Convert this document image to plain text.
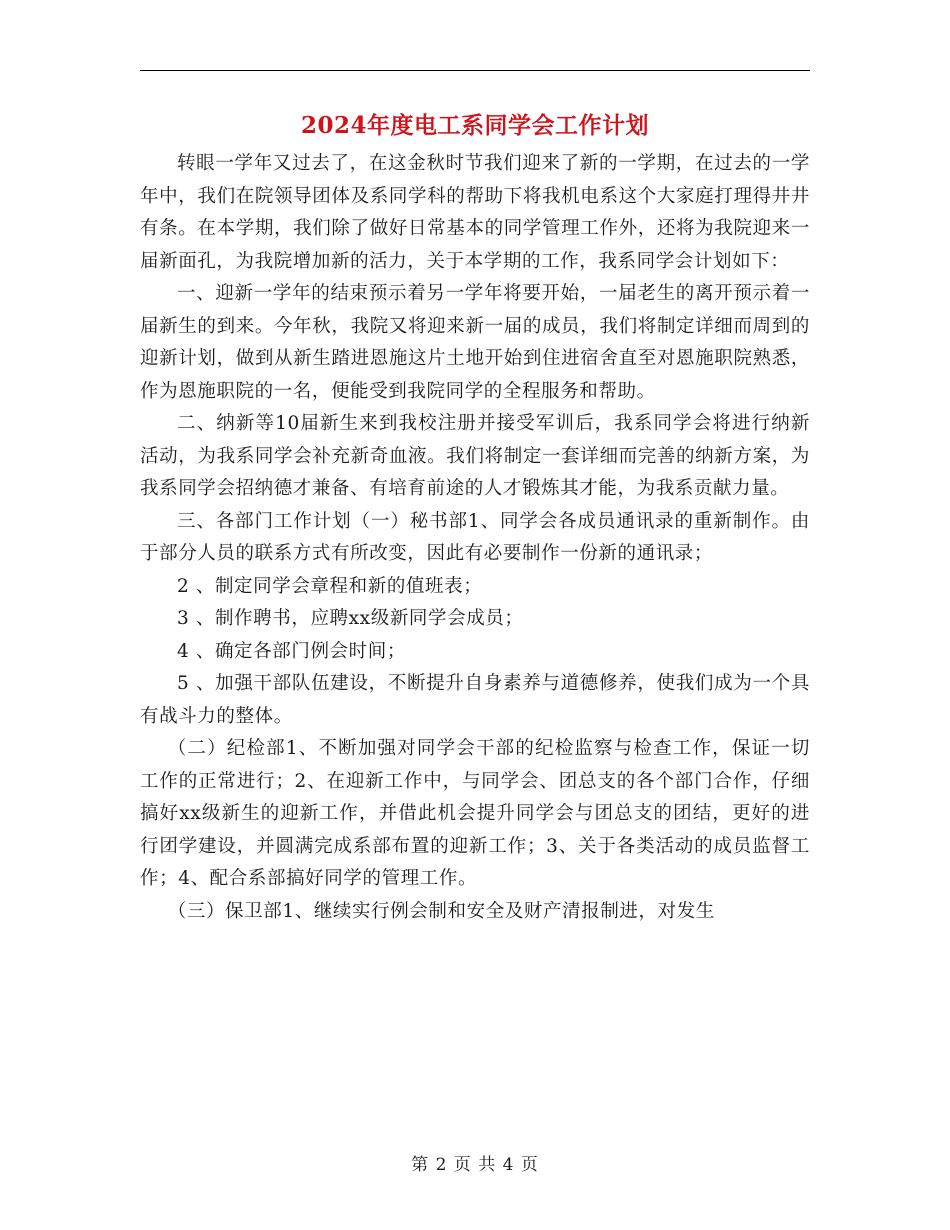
2024年度电工系同学会工作计划

转眼一学年又过去了，在这金秋时节我们迎来了新的一学期，在过去的一学年中，我们在院领导团体及系同学科的帮助下将我机电系这个大家庭打理得井井有条。在本学期，我们除了做好日常基本的同学管理工作外，还将为我院迎来一届新面孔，为我院增加新的活力，关于本学期的工作，我系同学会计划如下：

一、迎新一学年的结束预示着另一学年将要开始，一届老生的离开预示着一届新生的到来。今年秋，我院又将迎来新一届的成员，我们将制定详细而周到的迎新计划，做到从新生踏进恩施这片土地开始到住进宿舍直至对恩施职院熟悉，作为恩施职院的一名，便能受到我院同学的全程服务和帮助。

二、纳新等10届新生来到我校注册并接受军训后，我系同学会将进行纳新活动，为我系同学会补充新奇血液。我们将制定一套详细而完善的纳新方案，为我系同学会招纳德才兼备、有培育前途的人才锻炼其才能，为我系贡献力量。

三、各部门工作计划（一）秘书部1、同学会各成员通讯录的重新制作。由于部分人员的联系方式有所改变，因此有必要制作一份新的通讯录；

2 、制定同学会章程和新的值班表；

3 、制作聘书，应聘xx级新同学会成员；

4 、确定各部门例会时间；

5 、加强干部队伍建设，不断提升自身素养与道德修养，使我们成为一个具有战斗力的整体。

（二）纪检部1、不断加强对同学会干部的纪检监察与检查工作，保证一切工作的正常进行；2、在迎新工作中，与同学会、团总支的各个部门合作，仔细搞好xx级新生的迎新工作，并借此机会提升同学会与团总支的团结，更好的进行团学建设，并圆满完成系部布置的迎新工作；3、关于各类活动的成员监督工作；4、配合系部搞好同学的管理工作。

（三）保卫部1、继续实行例会制和安全及财产清报制进，对发生

第 2 页 共 4 页
